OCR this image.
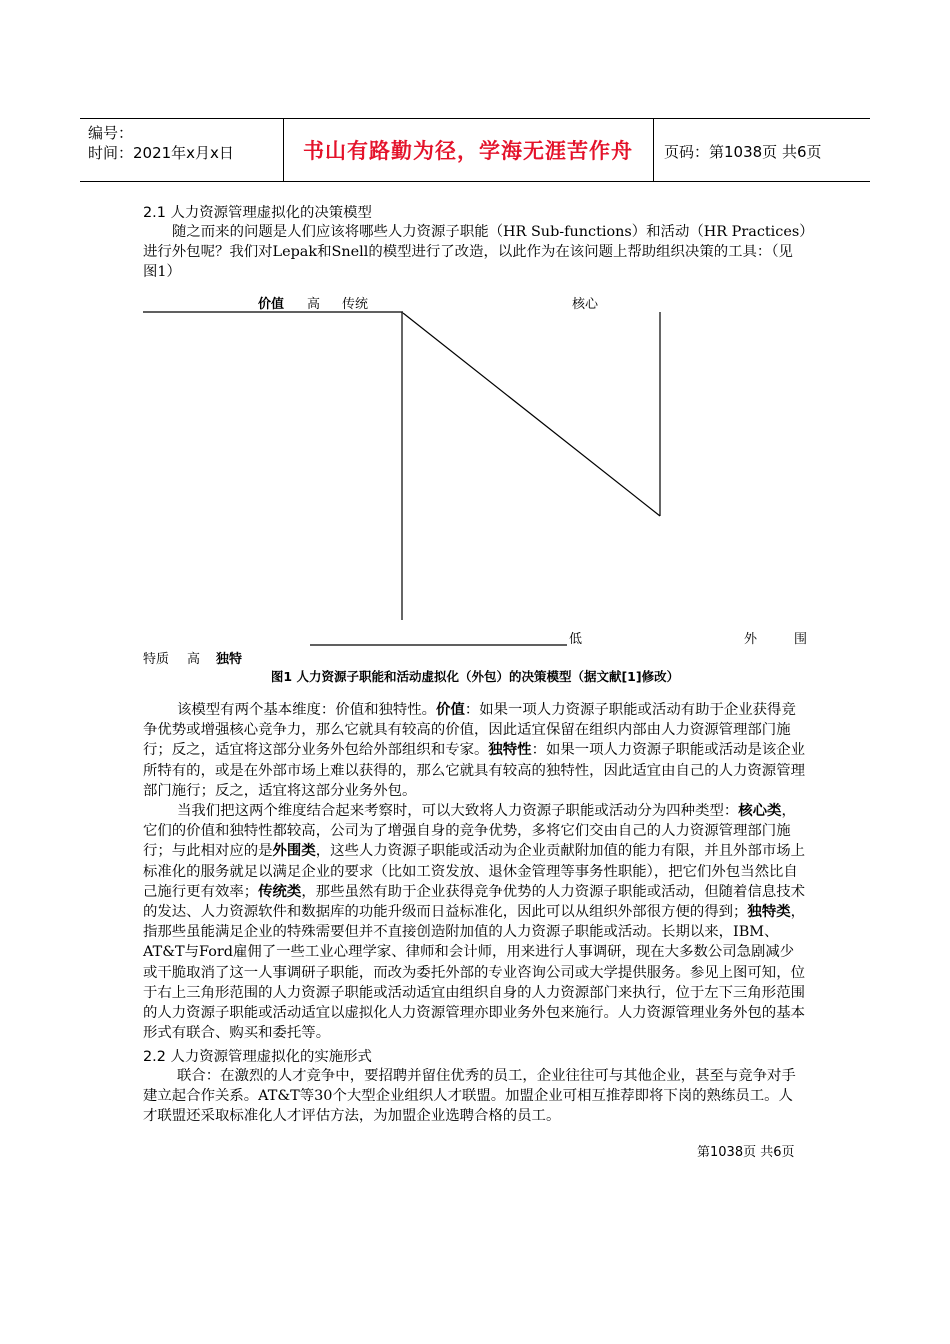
编号：
时间：2021年x月x日	书山有路勤为径，学海无涯苦作舟	页码：第1038页 共6页

2.1 人力资源管理虚拟化的决策模型

随之而来的问题是人们应该将哪些人力资源子职能（HR Sub-functions）和活动（HR Practices）进行外包呢？我们对Lepak和Snell的模型进行了改造，以此作为在该问题上帮助组织决策的工具：（见图1）

价值 高 传统	核心
低	外	围
特质 高 独特
图1 人力资源子职能和活动虚拟化（外包）的决策模型（据文献[1]修改）

该模型有两个基本维度：价值和独特性。价值：如果一项人力资源子职能或活动有助于企业获得竞争优势或增强核心竞争力，那么它就具有较高的价值，因此适宜保留在组织内部由人力资源管理部门施行；反之，适宜将这部分业务外包给外部组织和专家。独特性：如果一项人力资源子职能或活动是该企业所特有的，或是在外部市场上难以获得的，那么它就具有较高的独特性，因此适宜由自己的人力资源管理部门施行；反之，适宜将这部分业务外包。

当我们把这两个维度结合起来考察时，可以大致将人力资源子职能或活动分为四种类型：核心类，它们的价值和独特性都较高，公司为了增强自身的竞争优势，多将它们交由自己的人力资源管理部门施行；与此相对应的是外围类，这些人力资源子职能或活动为企业贡献附加值的能力有限，并且外部市场上标准化的服务就足以满足企业的要求（比如工资发放、退休金管理等事务性职能），把它们外包当然比自己施行更有效率；传统类，那些虽然有助于企业获得竞争优势的人力资源子职能或活动，但随着信息技术的发达、人力资源软件和数据库的功能升级而日益标准化，因此可以从组织外部很方便的得到；独特类，指那些虽能满足企业的特殊需要但并不直接创造附加值的人力资源子职能或活动。长期以来，IBM、AT&T与Ford雇佣了一些工业心理学家、律师和会计师，用来进行人事调研，现在大多数公司急剧减少或干脆取消了这一人事调研子职能，而改为委托外部的专业咨询公司或大学提供服务。参见上图可知，位于右上三角形范围的人力资源子职能或活动适宜由组织自身的人力资源部门来执行，位于左下三角形范围的人力资源子职能或活动适宜以虚拟化人力资源管理亦即业务外包来施行。人力资源管理业务外包的基本形式有联合、购买和委托等。

2.2 人力资源管理虚拟化的实施形式

联合：在激烈的人才竞争中，要招聘并留住优秀的员工，企业往往可与其他企业，甚至与竞争对手建立起合作关系。AT&T等30个大型企业组织人才联盟。加盟企业可相互推荐即将下岗的熟练员工。人才联盟还采取标准化人才评估方法，为加盟企业选聘合格的员工。

第1038页 共6页
